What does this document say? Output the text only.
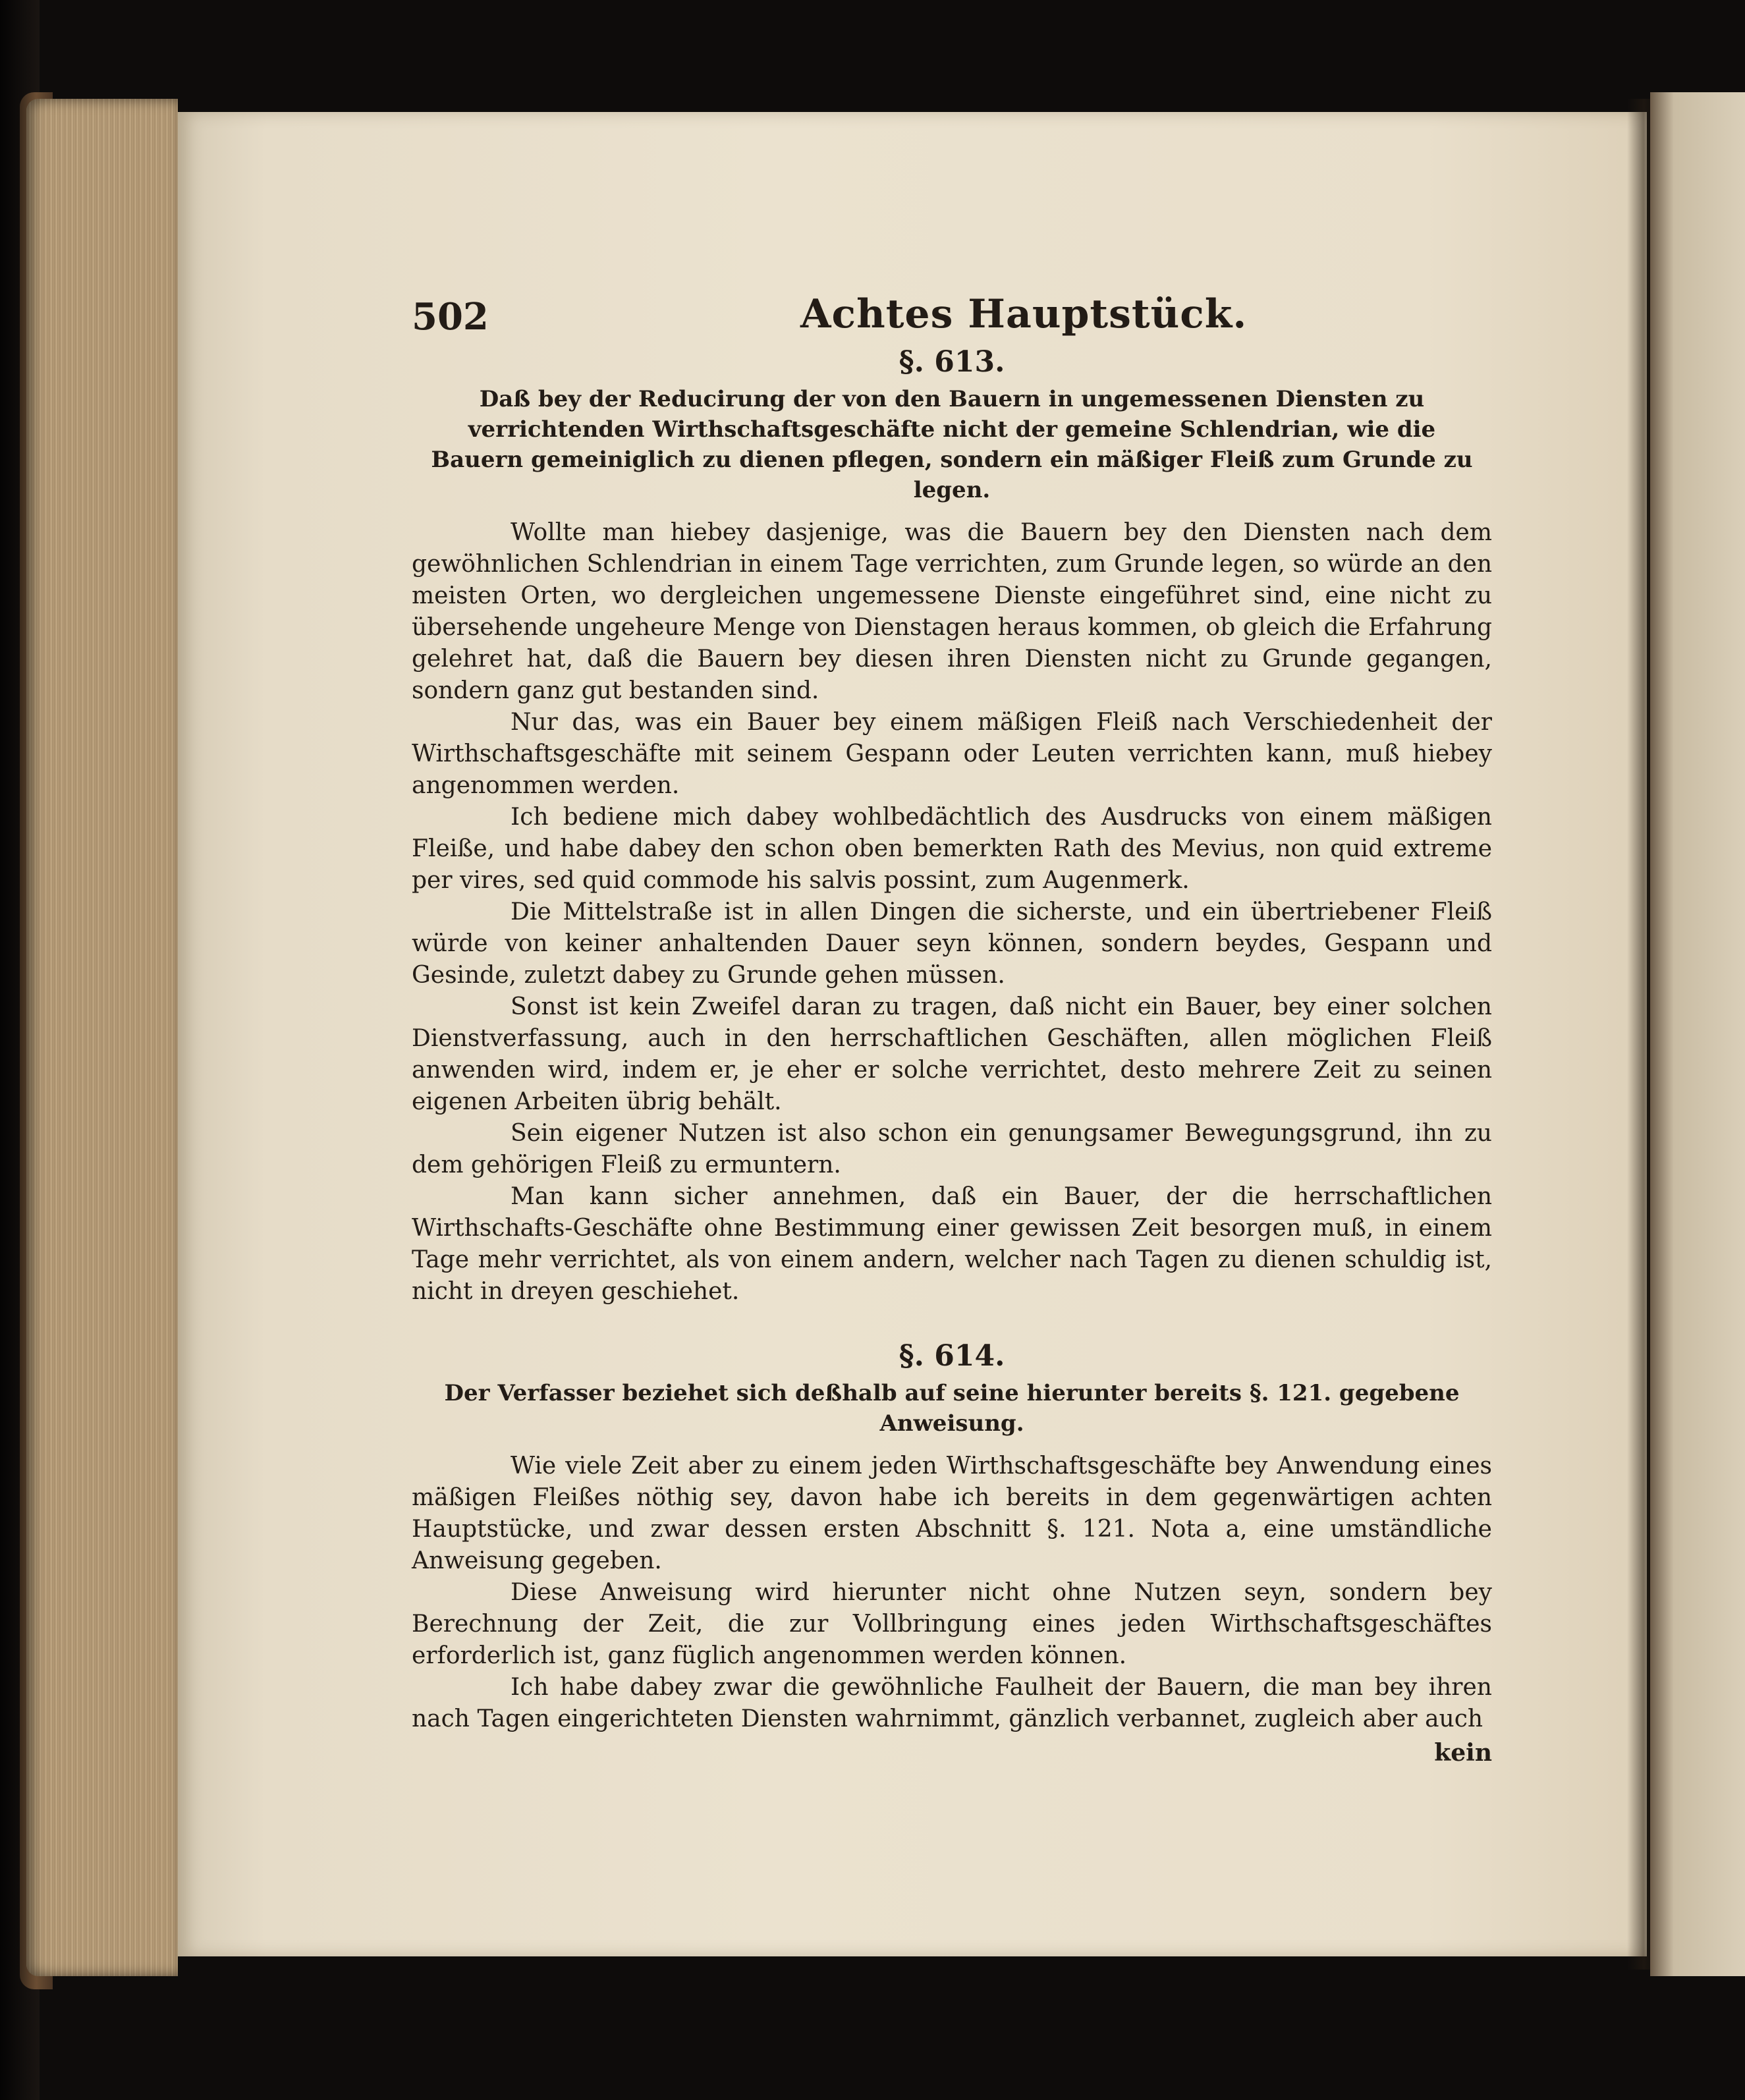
502	Achtes Hauptstück.
§. 613.
Daß bey der Reducirung der von den Bauern in ungemessenen Diensten zu verrichtenden Wirthschaftsgeschäfte nicht der gemeine Schlendrian, wie die Bauern gemeiniglich zu dienen pflegen, sondern ein mäßiger Fleiß zum Grunde zu legen.

Wollte man hiebey dasjenige, was die Bauern bey den Diensten nach dem gewöhnlichen Schlendrian in einem Tage verrichten, zum Grunde legen, so würde an den meisten Orten, wo dergleichen ungemessene Dienste eingeführet sind, eine nicht zu übersehende ungeheure Menge von Dienstagen heraus kommen, ob gleich die Erfahrung gelehret hat, daß die Bauern bey diesen ihren Diensten nicht zu Grunde gegangen, sondern ganz gut bestanden sind.

Nur das, was ein Bauer bey einem mäßigen Fleiß nach Verschiedenheit der Wirthschaftsgeschäfte mit seinem Gespann oder Leuten verrichten kann, muß hiebey angenommen werden.

Ich bediene mich dabey wohlbedächtlich des Ausdrucks von einem mäßigen Fleiße, und habe dabey den schon oben bemerkten Rath des Mevius, non quid extreme per vires, sed quid commode his salvis possint, zum Augenmerk.

Die Mittelstraße ist in allen Dingen die sicherste, und ein übertriebener Fleiß würde von keiner anhaltenden Dauer seyn können, sondern beydes, Gespann und Gesinde, zuletzt dabey zu Grunde gehen müssen.

Sonst ist kein Zweifel daran zu tragen, daß nicht ein Bauer, bey einer solchen Dienstverfassung, auch in den herrschaftlichen Geschäften, allen möglichen Fleiß anwenden wird, indem er, je eher er solche verrichtet, desto mehrere Zeit zu seinen eigenen Arbeiten übrig behält.

Sein eigener Nutzen ist also schon ein genungsamer Bewegungsgrund, ihn zu dem gehörigen Fleiß zu ermuntern.

Man kann sicher annehmen, daß ein Bauer, der die herrschaftlichen Wirthschafts-Geschäfte ohne Bestimmung einer gewissen Zeit besorgen muß, in einem Tage mehr verrichtet, als von einem andern, welcher nach Tagen zu dienen schuldig ist, nicht in dreyen geschiehet.

§. 614.
Der Verfasser beziehet sich deßhalb auf seine hierunter bereits §. 121. gegebene Anweisung.

Wie viele Zeit aber zu einem jeden Wirthschaftsgeschäfte bey Anwendung eines mäßigen Fleißes nöthig sey, davon habe ich bereits in dem gegenwärtigen achten Hauptstücke, und zwar dessen ersten Abschnitt §. 121. Nota a, eine umständliche Anweisung gegeben.

Diese Anweisung wird hierunter nicht ohne Nutzen seyn, sondern bey Berechnung der Zeit, die zur Vollbringung eines jeden Wirthschaftsgeschäftes erforderlich ist, ganz füglich angenommen werden können.

Ich habe dabey zwar die gewöhnliche Faulheit der Bauern, die man bey ihren nach Tagen eingerichteten Diensten wahrnimmt, gänzlich verbannet, zugleich aber auch

kein
